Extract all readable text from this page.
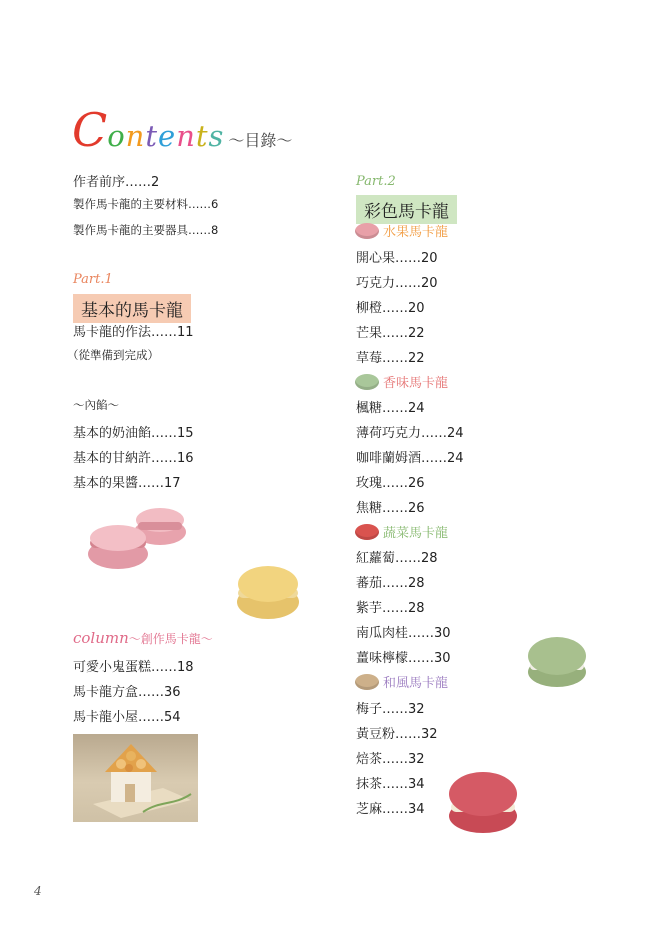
Contents ～目錄～
作者前序……2
製作馬卡龍的主要材料……6
製作馬卡龍的主要器具……8
Part.1
基本的馬卡龍
馬卡龍的作法……11
（從準備到完成）
～內餡～
基本的奶油餡……15
基本的甘納許……16
基本的果醬……17
column～創作馬卡龍～
可愛小鬼蛋糕……18
馬卡龍方盒……36
馬卡龍小屋……54
Part.2
彩色馬卡龍
水果馬卡龍
開心果……20
巧克力……20
柳橙……20
芒果……22
草莓……22
香味馬卡龍
楓糖……24
薄荷巧克力……24
咖啡蘭姆酒……24
玫瑰……26
焦糖……26
蔬菜馬卡龍
紅蘿蔔……28
蕃茄……28
紫芋……28
南瓜肉桂……30
薑味檸檬……30
和風馬卡龍
梅子……32
黃豆粉……32
焙茶……32
抹茶……34
芝麻……34
4
